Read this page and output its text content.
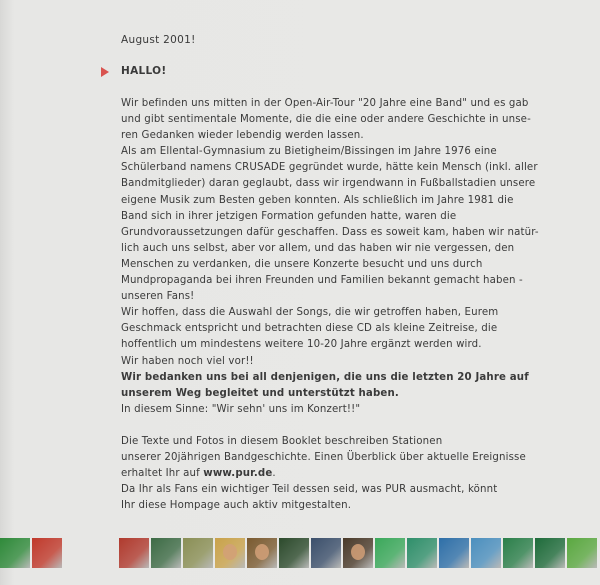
August 2001!
HALLO!
Wir befinden uns mitten in der Open-Air-Tour "20 Jahre eine Band" und es gab
und gibt sentimentale Momente, die die eine oder andere Geschichte in unse-
ren Gedanken wieder lebendig werden lassen.
Als am Ellental-Gymnasium zu Bietigheim/Bissingen im Jahre 1976 eine
Schülerband namens CRUSADE gegründet wurde, hätte kein Mensch (inkl. aller
Bandmitglieder) daran geglaubt, dass wir irgendwann in Fußballstadien unsere
eigene Musik zum Besten geben konnten. Als schließlich im Jahre 1981 die
Band sich in ihrer jetzigen Formation gefunden hatte, waren die
Grundvoraussetzungen dafür geschaffen. Dass es soweit kam, haben wir natür-
lich auch uns selbst, aber vor allem, und das haben wir nie vergessen, den
Menschen zu verdanken, die unsere Konzerte besucht und uns durch
Mundpropaganda bei ihren Freunden und Familien bekannt gemacht haben -
unseren Fans!
Wir hoffen, dass die Auswahl der Songs, die wir getroffen haben, Eurem
Geschmack entspricht und betrachten diese CD als kleine Zeitreise, die
hoffentlich um mindestens weitere 10-20 Jahre ergänzt werden wird.
Wir haben noch viel vor!!
Wir bedanken uns bei all denjenigen, die uns die letzten 20 Jahre auf
unserem Weg begleitet und unterstützt haben.
In diesem Sinne: "Wir sehn' uns im Konzert!!"
Die Texte und Fotos in diesem Booklet beschreiben Stationen
unserer 20jährigen Bandgeschichte. Einen Überblick über aktuelle Ereignisse
erhaltet Ihr auf www.pur.de.
Da Ihr als Fans ein wichtiger Teil dessen seid, was PUR ausmacht, könnt
Ihr diese Hompage auch aktiv mitgestalten.
